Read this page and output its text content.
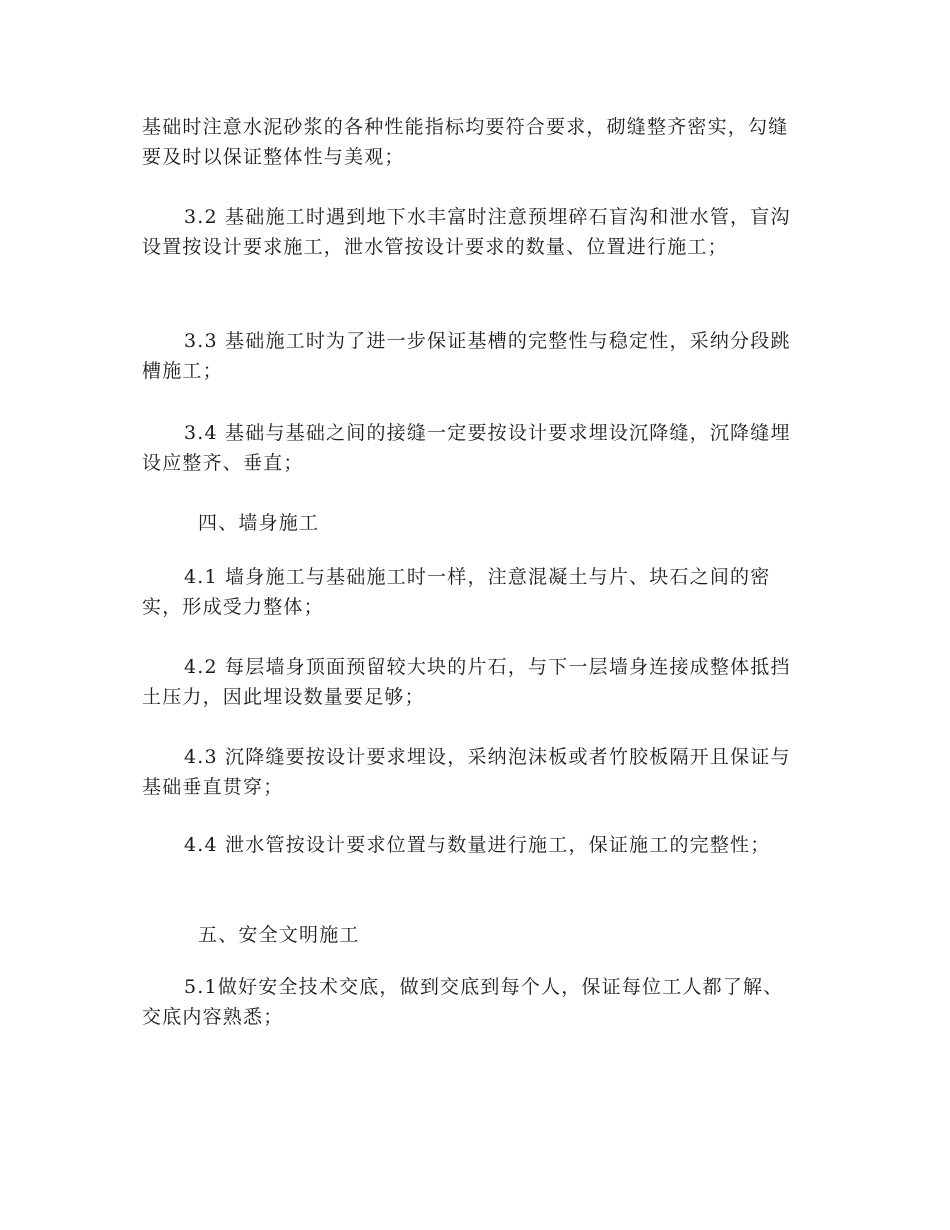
基础时注意水泥砂浆的各种性能指标均要符合要求，砌缝整齐密实，勾缝要及时以保证整体性与美观；

3.2 基础施工时遇到地下水丰富时注意预埋碎石盲沟和泄水管，盲沟设置按设计要求施工，泄水管按设计要求的数量、位置进行施工；

3.3 基础施工时为了进一步保证基槽的完整性与稳定性，采纳分段跳槽施工；

3.4 基础与基础之间的接缝一定要按设计要求埋设沉降缝，沉降缝埋设应整齐、垂直；

四、墙身施工

4.1 墙身施工与基础施工时一样，注意混凝土与片、块石之间的密实，形成受力整体；

4.2 每层墙身顶面预留较大块的片石，与下一层墙身连接成整体抵挡土压力，因此埋设数量要足够；

4.3 沉降缝要按设计要求埋设，采纳泡沫板或者竹胶板隔开且保证与基础垂直贯穿；

4.4 泄水管按设计要求位置与数量进行施工，保证施工的完整性；

五、安全文明施工

5.1做好安全技术交底，做到交底到每个人，保证每位工人都了解、 交底内容熟悉；
